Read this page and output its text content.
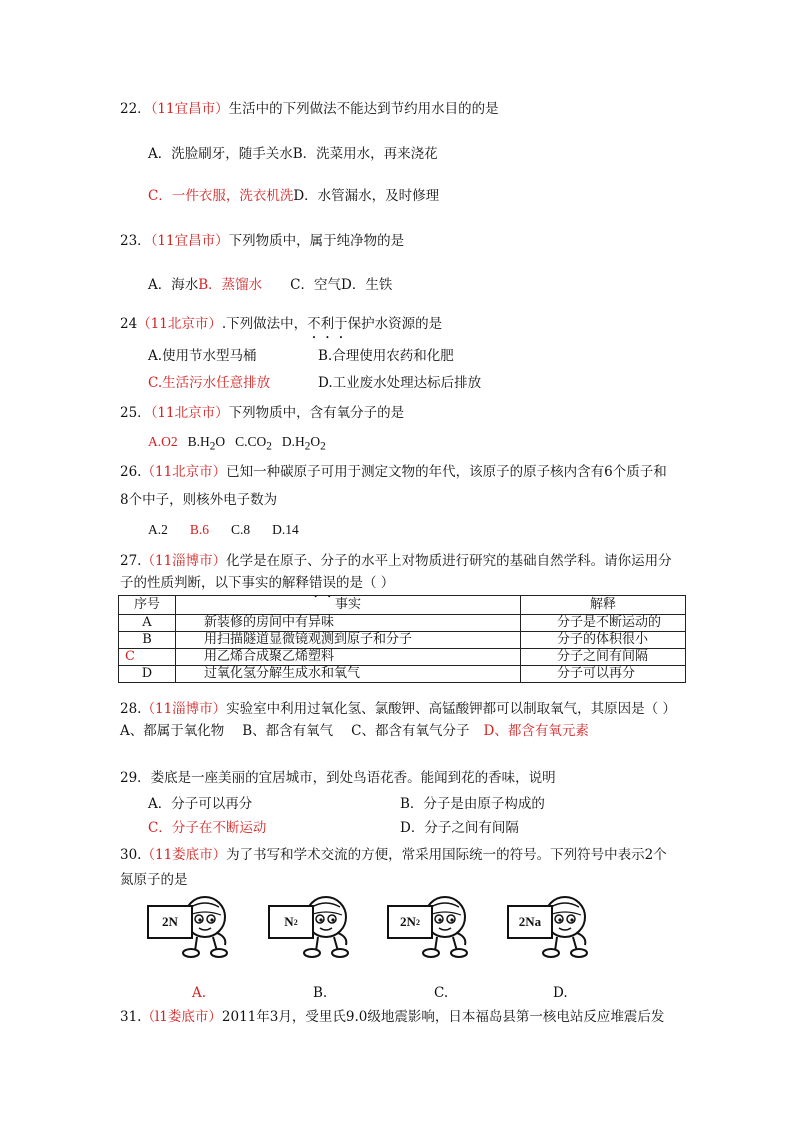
22．（11宜昌市）生活中的下列做法不能达到节约用水目的的是
A．洗脸刷牙，随手关水B．洗菜用水，再来浇花
C．一件衣服，洗衣机洗D．水管漏水，及时修理
23．（11宜昌市）下列物质中，属于纯净物的是
A．海水B．蒸馏水 C．空气D．生铁
24（11北京市）.下列做法中，不利于保护水资源的是
A.使用节水型马桶	B.合理使用农药和化肥
C.生活污水任意排放	D.工业废水处理达标后排放
25．（11北京市）下列物质中，含有氧分子的是
A.O2 $B.H_2O$ $C.CO_2$ $D.H_2O_2$
26.（11北京市）已知一种碳原子可用于测定文物的年代，该原子的原子核内含有6个质子和
8个中子，则核外电子数为
A.2 B.6 C.8 D.14
27.（11淄博市）化学是在原子、分子的水平上对物质进行研究的基础自然学科。请你运用分
子的性质判断，以下事实的解释错误的是（ ）
序号	事实	解释
A	新装修的房间中有异味	分子是不断运动的
B	用扫描隧道显微镜观测到原子和分子	分子的体积很小
C	用乙烯合成聚乙烯塑料	分子之间有间隔
D	过氧化氢分解生成水和氧气	分子可以再分
28.（11淄博市）实验室中利用过氧化氢、氯酸钾、高锰酸钾都可以制取氧气，其原因是（ ）
A、都属于氧化物 B、都含有氧气 C、都含有氧气分子 D、都含有氧元素
29．娄底是一座美丽的宜居城市，到处鸟语花香。能闻到花的香味，说明
A．分子可以再分	B．分子是由原子构成的
C．分子在不断运动	D．分子之间有间隔
30.（11娄底市）为了书写和学术交流的方便，常采用国际统一的符号。下列符号中表示2个
氮原子的是
2N	N 2	2N 2	2Na
A.	B.	C.	D.
31.（l1娄底市）2011年3月，受里氏9.0级地震影响，日本福岛县第一核电站反应堆震后发
